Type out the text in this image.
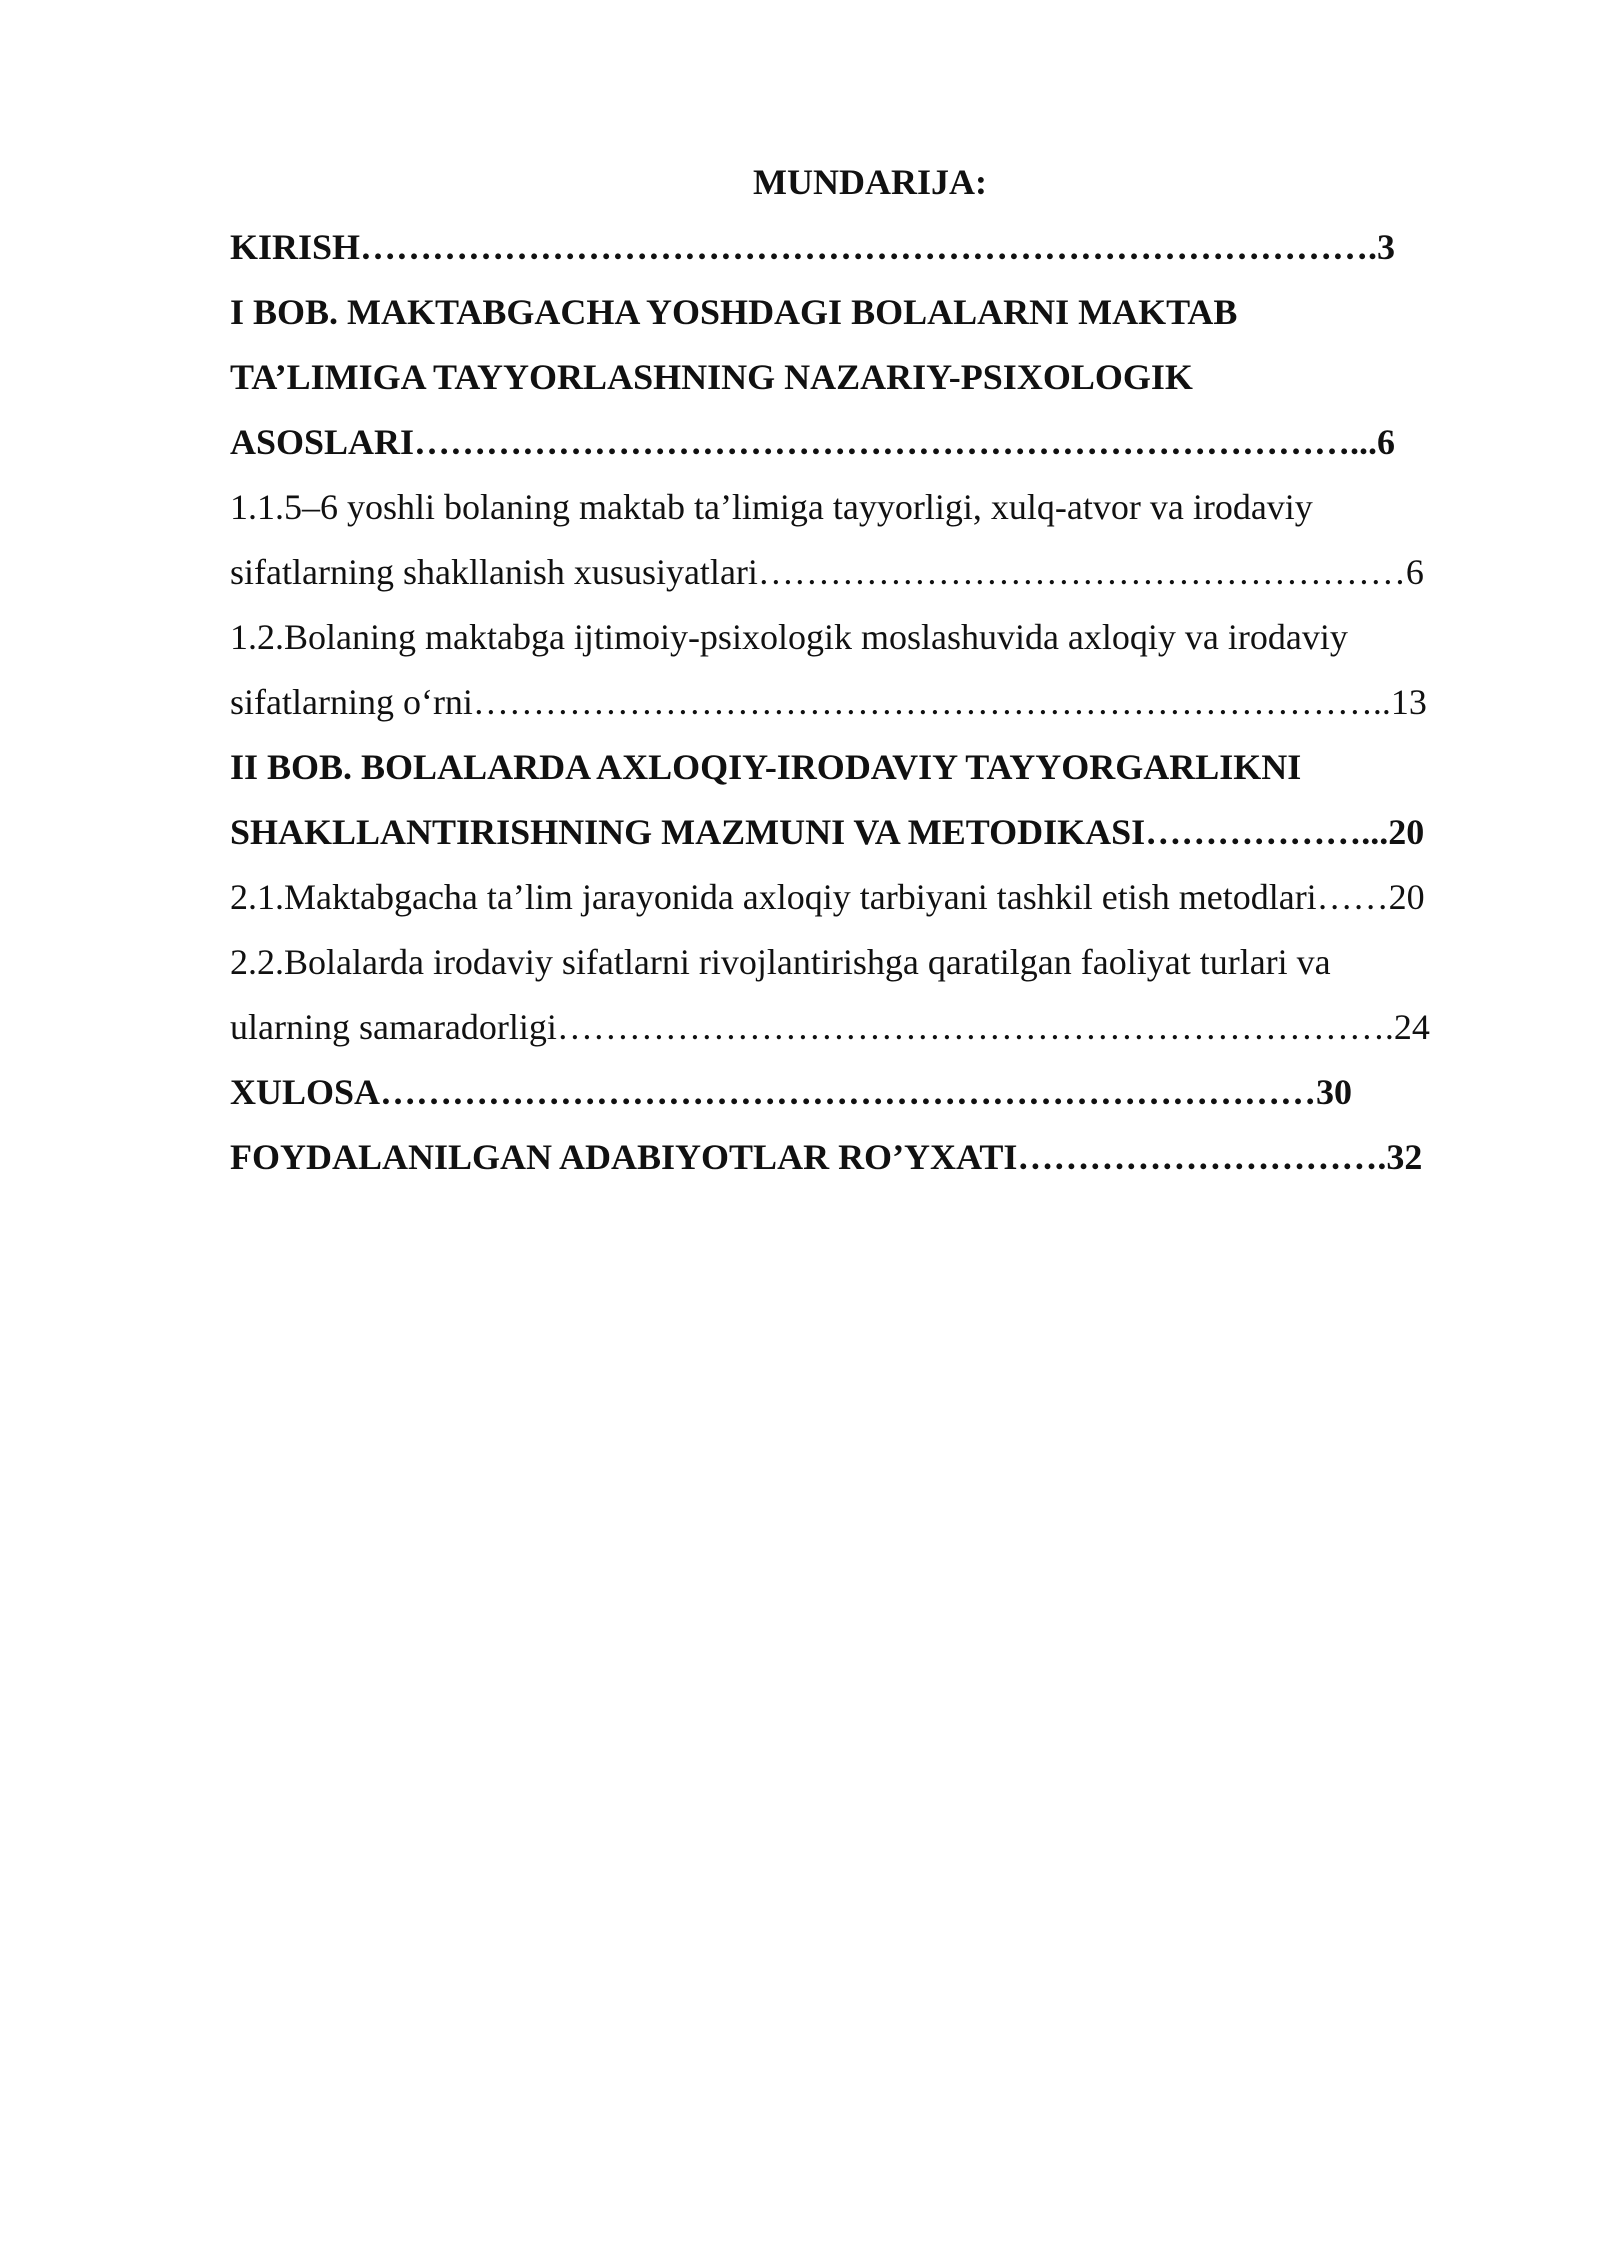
MUNDARIJA:

KIRISH………………………………………………………………………….3

I BOB. MAKTABGACHA YOSHDAGI BOLALARNI MAKTAB

TA’LIMIGA TAYYORLASHNING NAZARIY-PSIXOLOGIK

ASOSLARI……………………………………………………………………...6

1.1.5–6 yoshli bolaning maktab ta’limiga tayyorligi, xulq-atvor va irodaviy

sifatlarning shakllanish xususiyatlari………………………………………………6

1.2.Bolaning maktabga ijtimoiy-psixologik moslashuvida axloqiy va irodaviy

sifatlarning o‘rni…………………………………………………………………..13

II BOB. BOLALARDA AXLOQIY-IRODAVIY TAYYORGARLIKNI

SHAKLLANTIRISHNING MAZMUNI VA METODIKASI………………...20

2.1.Maktabgacha ta’lim jarayonida axloqiy tarbiyani tashkil etish metodlari……20

2.2.Bolalarda irodaviy sifatlarni rivojlantirishga qaratilgan faoliyat turlari va

ularning samaradorligi…………………………………………………………….24

XULOSA……………………………………………………………………30

FOYDALANILGAN ADABIYOTLAR RO’YXATI………………………….32
